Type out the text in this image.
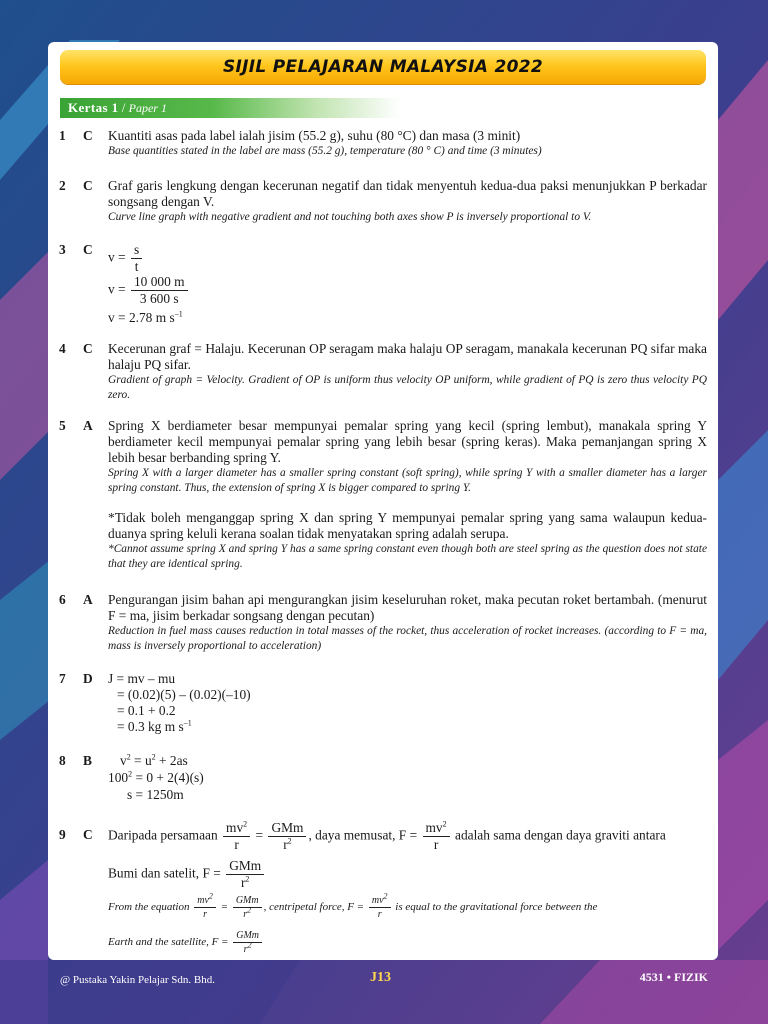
SIJIL PELAJARAN MALAYSIA 2022
Kertas 1 / Paper 1
1 C Kuantiti asas pada label ialah jisim (55.2 g), suhu (80 °C) dan masa (3 minit)

Base quantities stated in the label are mass (55.2 g), temperature (80 ° C) and time (3 minutes)

2 C Graf garis lengkung dengan kecerunan negatif dan tidak menyentuh kedua-dua paksi menunjukkan P berkadar songsang dengan V.

Curve line graph with negative gradient and not touching both axes show P is inversely proportional to V.

3 C
$v = \frac{s}{t}$
$v = \frac{10 000 m}{3 600 s}$
v = 2.78 m $s^{-1}$
4 C Kecerunan graf = Halaju. Kecerunan OP seragam maka halaju OP seragam, manakala kecerunan PQ sifar maka halaju PQ sifar.

Gradient of graph = Velocity. Gradient of OP is uniform thus velocity OP uniform, while gradient of PQ is zero thus velocity PQ zero.

5 A Spring X berdiameter besar mempunyai pemalar spring yang kecil (spring lembut), manakala spring Y berdiameter kecil mempunyai pemalar spring yang lebih besar (spring keras). Maka pemanjangan spring X lebih besar berbanding spring Y.

Spring X with a larger diameter has a smaller spring constant (soft spring), while spring Y with a smaller diameter has a larger spring constant. Thus, the extension of spring X is bigger compared to spring Y.

*Tidak boleh menganggap spring X dan spring Y mempunyai pemalar spring yang sama walaupun kedua-duanya spring keluli kerana soalan tidak menyatakan spring adalah serupa.

*Cannot assume spring X and spring Y has a same spring constant even though both are steel spring as the question does not state that they are identical spring.

6 A Pengurangan jisim bahan api mengurangkan jisim keseluruhan roket, maka pecutan roket bertambah. (menurut F = ma, jisim berkadar songsang dengan pecutan)

Reduction in fuel mass causes reduction in total masses of the rocket, thus acceleration of rocket increases. (according to F = ma, mass is inversely proportional to acceleration)

7 D J = mv – mu
= (0.02)(5) – (0.02)(–10)
= 0.1 + 0.2
= 0.3 kg m $s^{-1}$
8 B	$v^2 = u^2 + 2as$
$100^2 = 0 + 2(4)(s)$
s = 1250m
9 C Daripada persamaan $\frac{mv^2}{r} = \frac{\text{GMm}}{r^2}$ , daya memusat, $F = \frac{mv^2}{r}$ adalah sama dengan daya graviti antara
Bumi dan satelit, $F = \frac{\text{GMm}}{r^2}$
From the equation $\frac{mv^2}{r} = \frac{\text{GMm}}{r^2}$ , centripetal force, $F = \frac{mv^2}{r}$ is equal to the gravitational force between the
Earth and the satellite, $F = \frac{\text{GMm}}{r^2}$
@ Pustaka Yakin Pelajar Sdn. Bhd.	J13	4531 • FIZIK
